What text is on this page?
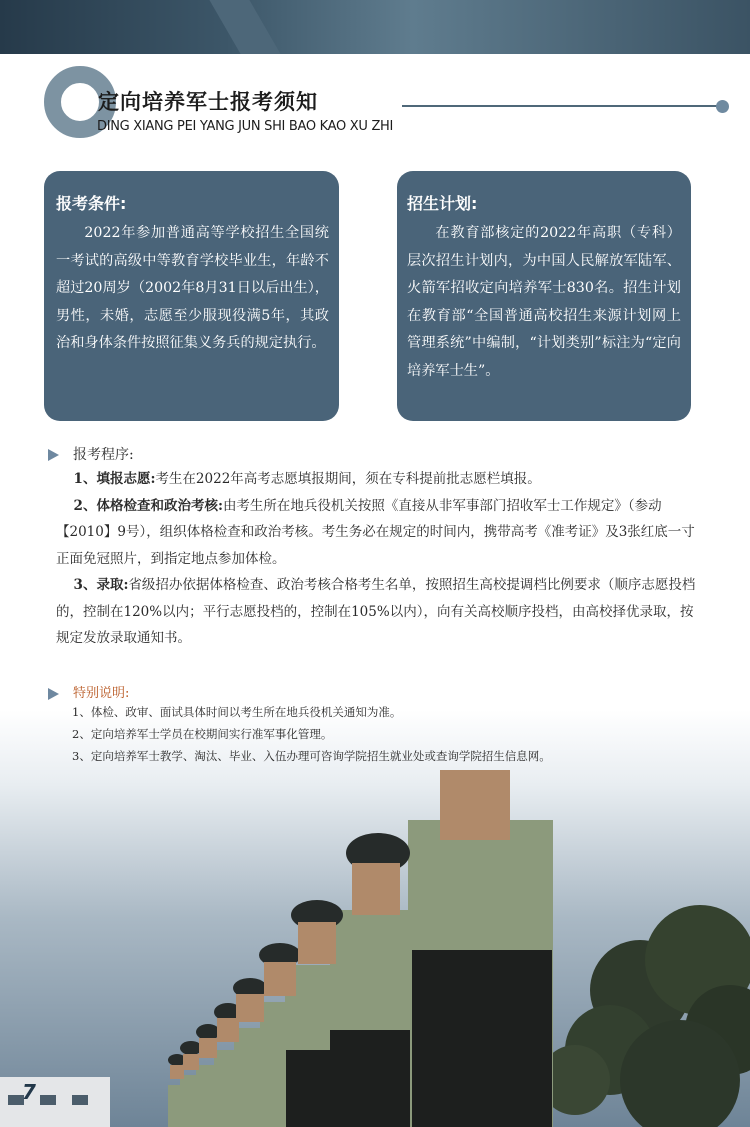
定向培养军士报考须知
DING XIANG PEI YANG JUN SHI BAO KAO XU ZHI
报考条件:
2022年参加普通高等学校招生全国统一考试的高级中等教育学校毕业生，年龄不超过20周岁（2002年8月31日以后出生），男性，未婚，志愿至少服现役满5年，其政治和身体条件按照征集义务兵的规定执行。
招生计划:
在教育部核定的2022年高职（专科）层次招生计划内，为中国人民解放军陆军、火箭军招收定向培养军士830名。招生计划在教育部“全国普通高校招生来源计划网上管理系统”中编制，“计划类别”标注为“定向培养军士生”。
报考程序:

1、填报志愿:考生在2022年高考志愿填报期间，须在专科提前批志愿栏填报。

2、体格检查和政治考核:由考生所在地兵役机关按照《直接从非军事部门招收军士工作规定》（参动【2010】9号），组织体格检查和政治考核。考生务必在规定的时间内，携带高考《准考证》及3张红底一寸正面免冠照片，到指定地点参加体检。

3、录取:省级招办依据体格检查、政治考核合格考生名单，按照招生高校提调档比例要求（顺序志愿投档的，控制在120%以内；平行志愿投档的，控制在105%以内），向有关高校顺序投档，由高校择优录取，按规定发放录取通知书。

特别说明:

1、体检、政审、面试具体时间以考生所在地兵役机关通知为准。

2、定向培养军士学员在校期间实行准军事化管理。

3、定向培养军士教学、淘汰、毕业、入伍办理可咨询学院招生就业处或查询学院招生信息网。

7
